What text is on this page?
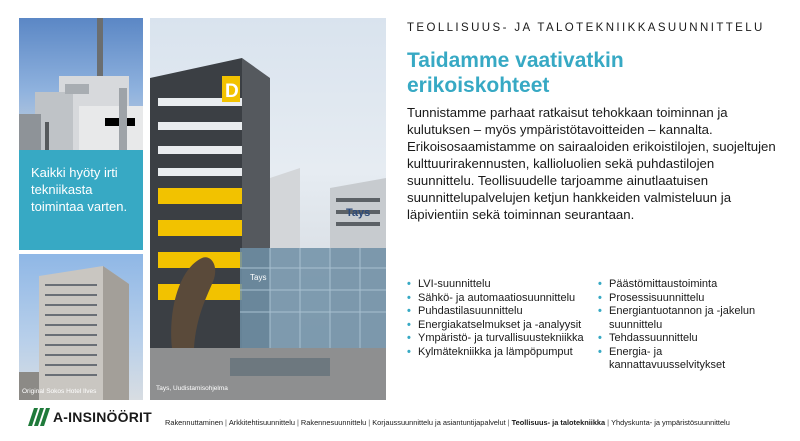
Kaikki hyöty irti tekniikasta toimintaa varten.
Original Sokos Hotel Ilves
D
Tays
Tays
Tays, Uudistamisohjelma
TEOLLISUUS- JA TALOTEKNIIKKASUUNNITTELU
Taidamme vaativatkin erikoiskohteet

Tunnistamme parhaat ratkaisut tehokkaan toiminnan ja kulutuksen – myös ympäristötavoitteiden – kannalta. Erikoisosaamistamme on sairaaloiden erikoistilojen, suojeltujen kulttuurirakennusten, kallioluolien sekä puhdastilojen suunnittelu. Teollisuudelle tarjoamme ainutlaatuisen suunnittelupalvelujen ketjun hankkeiden valmisteluun ja läpivientiin sekä toiminnan seurantaan.

• LVI-suunnittelu
• Sähkö- ja automaatiosuunnittelu
• Puhdastilasuunnittelu
• Energiakatselmukset ja -analyysit
• Ympäristö- ja turvallisuustekniikka
• Kylmätekniikka ja lämpöpumput
• Päästömittaustoiminta
• Prosessisuunnittelu
• Energiantuotannon ja -jakelun suunnittelu
• Tehdassuunnittelu
• Energia- ja kannattavuusselvitykset
A-INSINÖÖRIT Rakennuttaminen | Arkkitehtisuunnittelu | Rakennesuunnittelu | Korjaussuunnittelu ja asiantuntijapalvelut | Teollisuus- ja talotekniikka | Yhdyskunta- ja ympäristösuunnittelu
